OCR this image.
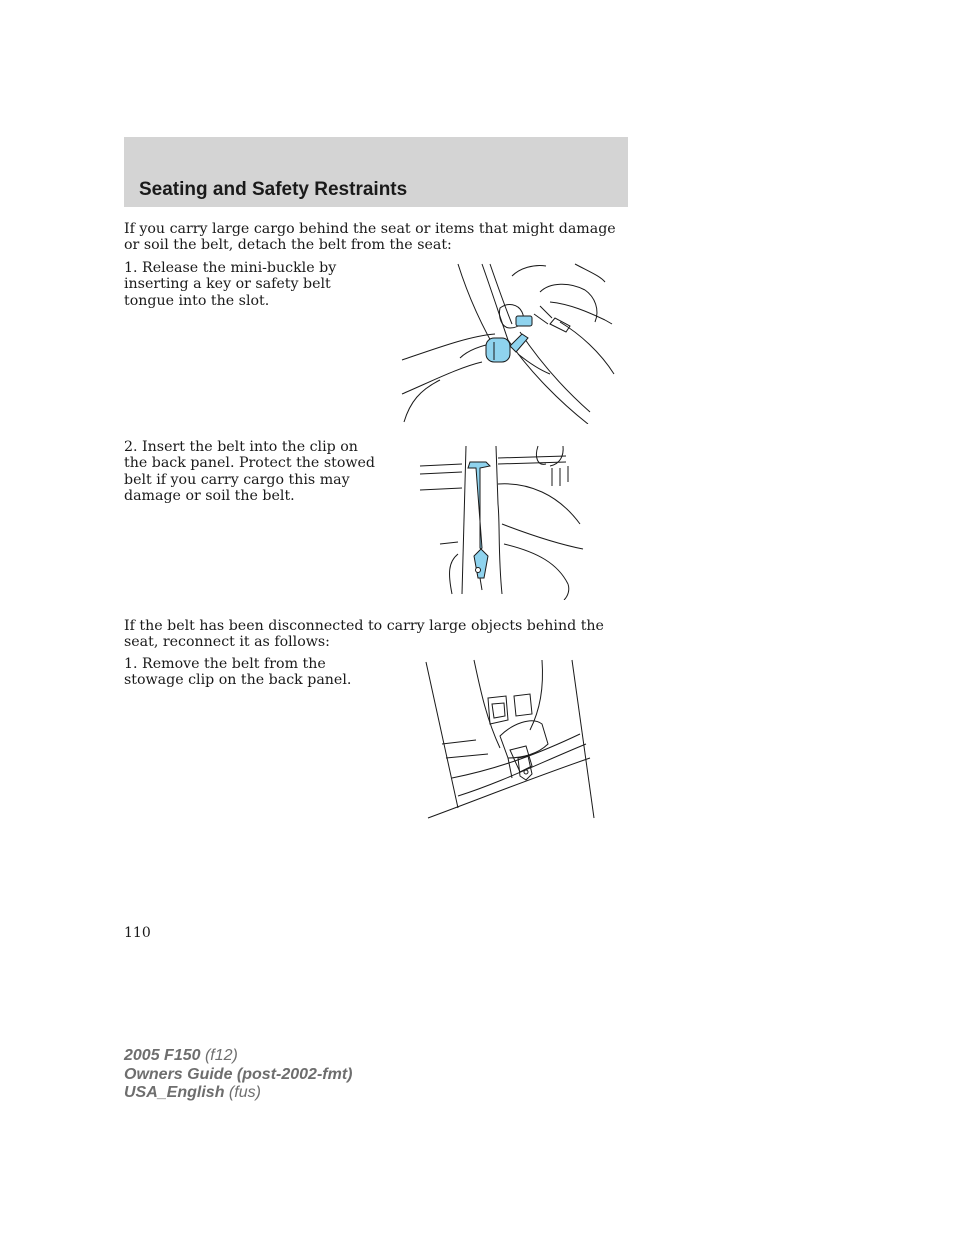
Seating and Safety Restraints

If you carry large cargo behind the seat or items that might damage or soil the belt, detach the belt from the seat:

1. Release the mini-buckle by inserting a key or safety belt tongue into the slot.

2. Insert the belt into the clip on the back panel. Protect the stowed belt if you carry cargo this may damage or soil the belt.

If the belt has been disconnected to carry large objects behind the seat, reconnect it as follows:

1. Remove the belt from the stowage clip on the back panel.

110

2005 F150 (f12)
Owners Guide (post-2002-fmt)
USA_English (fus)
